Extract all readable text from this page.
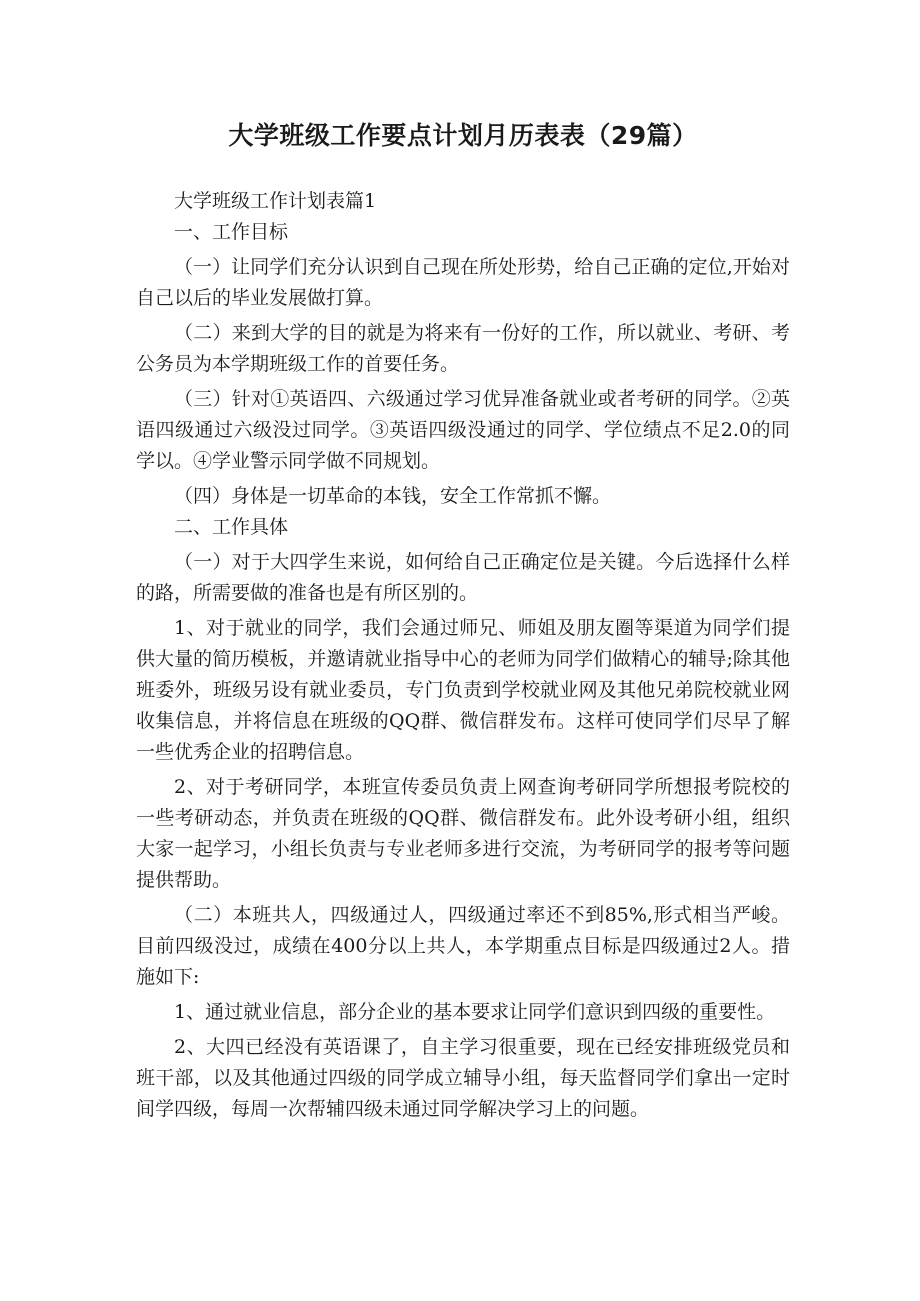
大学班级工作要点计划月历表表（29篇）

大学班级工作计划表篇1

一、工作目标

（一）让同学们充分认识到自己现在所处形势，给自己正确的定位,开始对自己以后的毕业发展做打算。

（二）来到大学的目的就是为将来有一份好的工作，所以就业、考研、考公务员为本学期班级工作的首要任务。

（三）针对①英语四、六级通过学习优异准备就业或者考研的同学。②英语四级通过六级没过同学。③英语四级没通过的同学、学位绩点不足2.0的同学以。④学业警示同学做不同规划。

（四）身体是一切革命的本钱，安全工作常抓不懈。

二、工作具体

（一）对于大四学生来说，如何给自己正确定位是关键。今后选择什么样的路，所需要做的准备也是有所区别的。

1、对于就业的同学，我们会通过师兄、师姐及朋友圈等渠道为同学们提供大量的简历模板，并邀请就业指导中心的老师为同学们做精心的辅导;除其他班委外，班级另设有就业委员，专门负责到学校就业网及其他兄弟院校就业网收集信息，并将信息在班级的QQ群、微信群发布。这样可使同学们尽早了解一些优秀企业的招聘信息。

2、对于考研同学，本班宣传委员负责上网查询考研同学所想报考院校的一些考研动态，并负责在班级的QQ群、微信群发布。此外设考研小组，组织大家一起学习，小组长负责与专业老师多进行交流，为考研同学的报考等问题提供帮助。

（二）本班共人，四级通过人，四级通过率还不到85%,形式相当严峻。目前四级没过，成绩在400分以上共人，本学期重点目标是四级通过2人。措施如下:

1、通过就业信息，部分企业的基本要求让同学们意识到四级的重要性。

2、大四已经没有英语课了，自主学习很重要，现在已经安排班级党员和班干部，以及其他通过四级的同学成立辅导小组，每天监督同学们拿出一定时间学四级，每周一次帮辅四级未通过同学解决学习上的问题。
